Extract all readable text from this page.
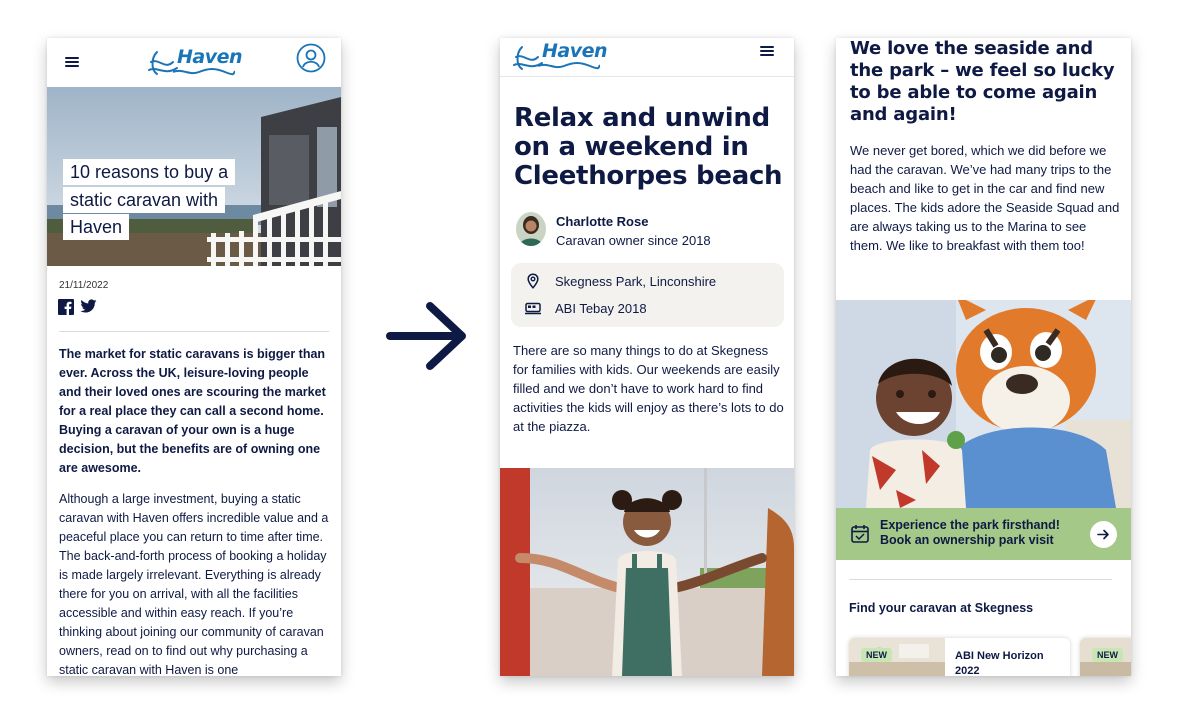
Haven
10 reasons to buy a static caravan with Haven
21/11/2022

The market for static caravans is bigger than ever. Across the UK, leisure-loving people and their loved ones are scouring the market for a real place they can call a second home. Buying a caravan of your own is a huge decision, but the benefits are of owning one are awesome.

Although a large investment, buying a static caravan with Haven offers incredible value and a peaceful place you can return to time after time. The back-and-forth process of booking a holiday is made largely irrelevant. Everything is already there for you on arrival, with all the facilities accessible and within easy reach. If you’re thinking about joining our community of caravan owners, read on to find out why purchasing a static caravan with Haven is one

Haven
Relax and unwind on a weekend in Cleethorpes beach
Charlotte Rose
Caravan owner since 2018
Skegness Park, Linconshire
ABI Tebay 2018

There are so many things to do at Skegness for families with kids. Our weekends are easily filled and we don’t have to work hard to find activities the kids will enjoy as there’s lots to do at the piazza.

We love the seaside and the park – we feel so lucky to be able to come again and again!

We never get bored, which we did before we had the caravan. We’ve had many trips to the beach and like to get in the car and find new places. The kids adore the Seaside Squad and are always taking us to the Marina to see them. We like to breakfast with them too!

Experience the park firsthand!
Book an ownership park visit
Find your caravan at Skegness
NEW	ABI New Horizon 2022
NEW
